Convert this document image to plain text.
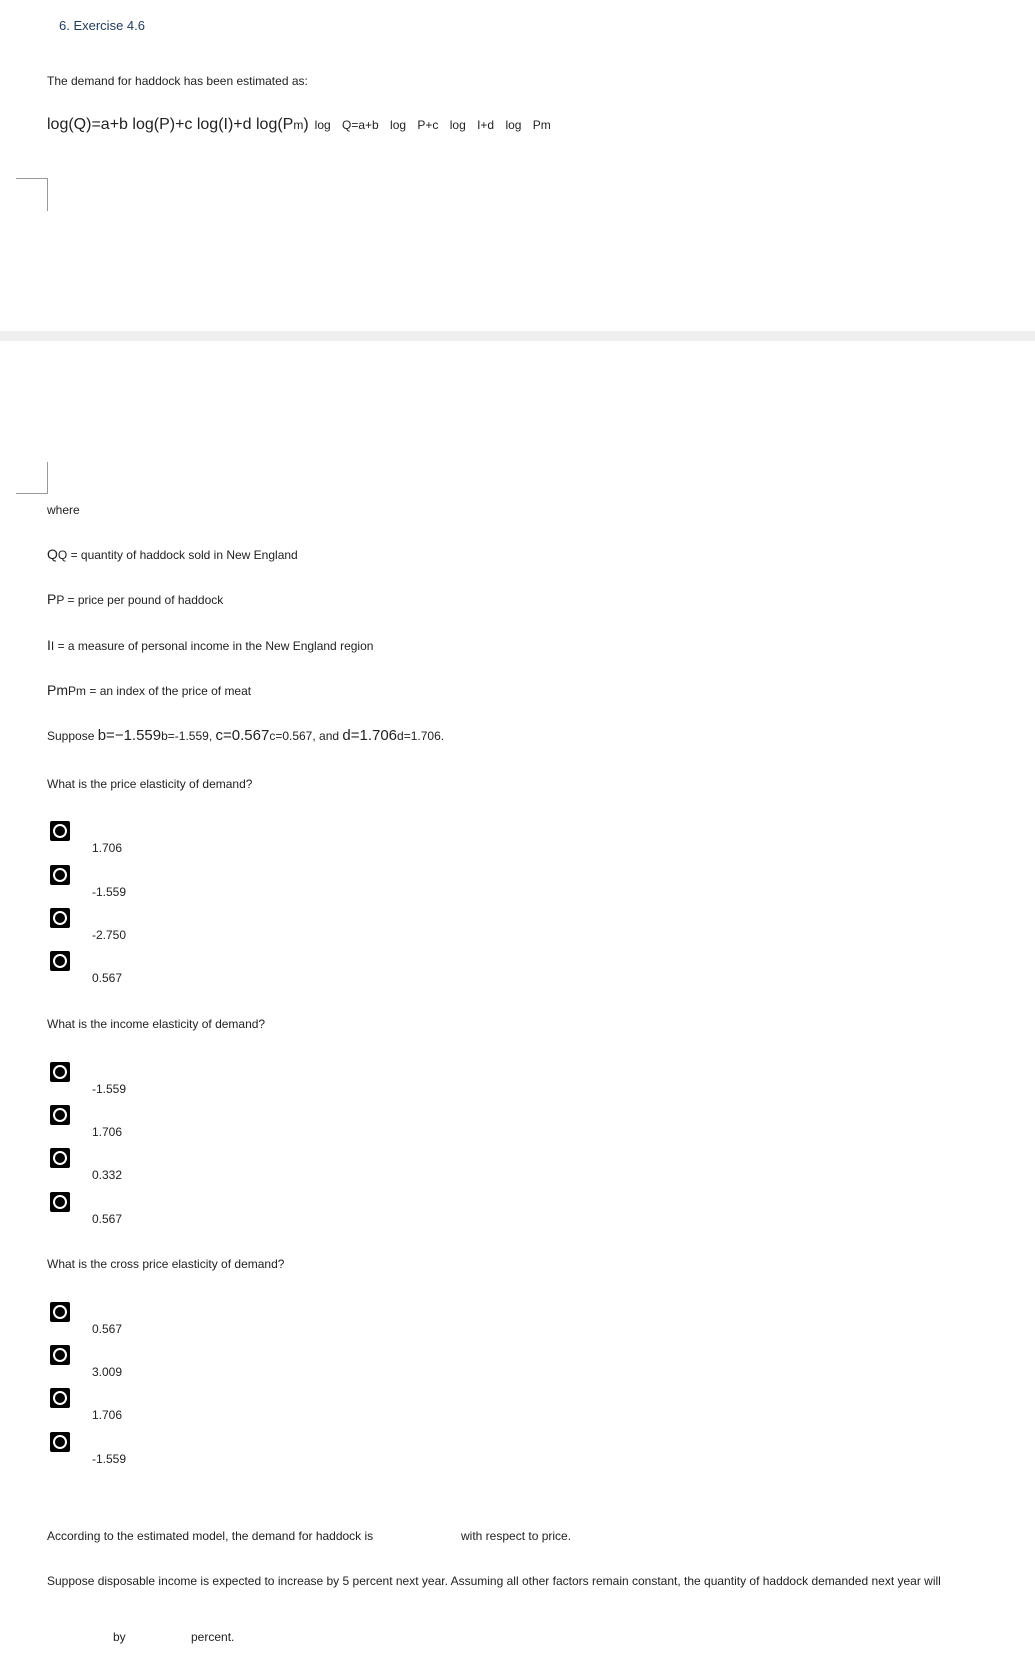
6. Exercise 4.6
The demand for haddock has been estimated as:
log(Q)=a+b log(P)+c log(I)+d log(Pm) log Q=a+b log P+c log I+d log Pm
where
QQ = quantity of haddock sold in New England
PP = price per pound of haddock
II = a measure of personal income in the New England region
PmPm = an index of the price of meat
Suppose b=−1.559b=-1.559, c=0.567c=0.567, and d=1.706d=1.706.
What is the price elasticity of demand?
1.706
-1.559
-2.750
0.567
What is the income elasticity of demand?
-1.559
1.706
0.332
0.567
What is the cross price elasticity of demand?
0.567
3.009
1.706
-1.559
According to the estimated model, the demand for haddock is	with respect to price.
Suppose disposable income is expected to increase by 5 percent next year. Assuming all other factors remain constant, the quantity of haddock demanded next year will
by	percent.
